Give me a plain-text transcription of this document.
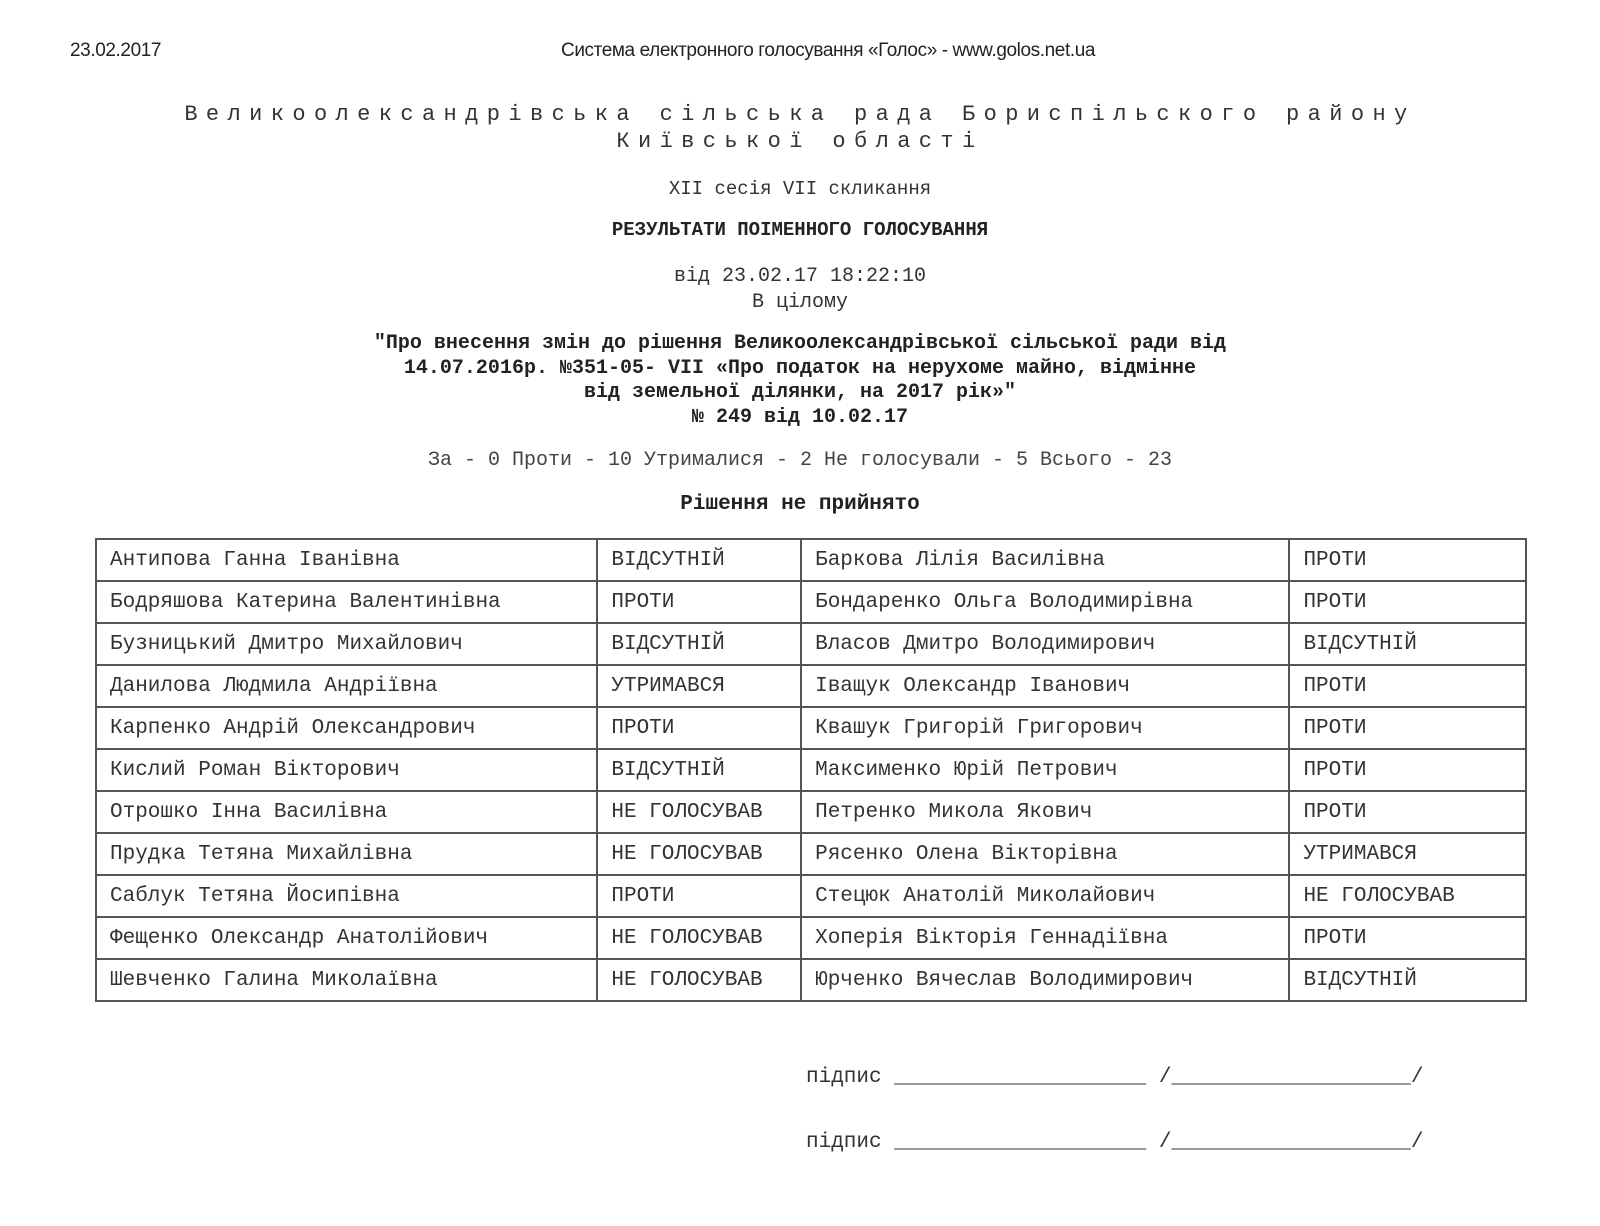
23.02.2017	Система електронного голосування «Голос» - www.golos.net.ua
Великоолександрівська сільська рада Бориспільского району
Київської області
XII сесія VII скликання
РЕЗУЛЬТАТИ ПОІМЕННОГО ГОЛОСУВАННЯ
від 23.02.17 18:22:10
В цілому
"Про внесення змін до рішення Великоолександрівської сільської ради від
14.07.2016р. №351-05- VII «Про податок на нерухоме майно, відмінне
від земельної ділянки, на 2017 рік»"
№ 249 від 10.02.17
За - 0 Проти - 10 Утрималися - 2 Не голосували - 5 Всього - 23
Рішення не прийнято
Антипова Ганна Іванівна	ВІДСУТНІЙ	Баркова Лілія Василівна	ПРОТИ
Бодряшова Катерина Валентинівна	ПРОТИ	Бондаренко Ольга Володимирівна	ПРОТИ
Бузницький Дмитро Михайлович	ВІДСУТНІЙ	Власов Дмитро Володимирович	ВІДСУТНІЙ
Данилова Людмила Андріївна	УТРИМАВСЯ	Іващук Олександр Іванович	ПРОТИ
Карпенко Андрій Олександрович	ПРОТИ	Квашук Григорій Григорович	ПРОТИ
Кислий Роман Вікторович	ВІДСУТНІЙ	Максименко Юрій Петрович	ПРОТИ
Отрошко Інна Василівна	НЕ ГОЛОСУВАВ	Петренко Микола Якович	ПРОТИ
Прудка Тетяна Михайлівна	НЕ ГОЛОСУВАВ	Рясенко Олена Вікторівна	УТРИМАВСЯ
Саблук Тетяна Йосипівна	ПРОТИ	Стецюк Анатолій Миколайович	НЕ ГОЛОСУВАВ
Фещенко Олександр Анатолійович	НЕ ГОЛОСУВАВ	Хоперія Вікторія Геннадіївна	ПРОТИ
Шевченко Галина Миколаївна	НЕ ГОЛОСУВАВ	Юрченко Вячеслав Володимирович	ВІДСУТНІЙ
підпис ____________________ /___________________/
підпис ____________________ /___________________/
